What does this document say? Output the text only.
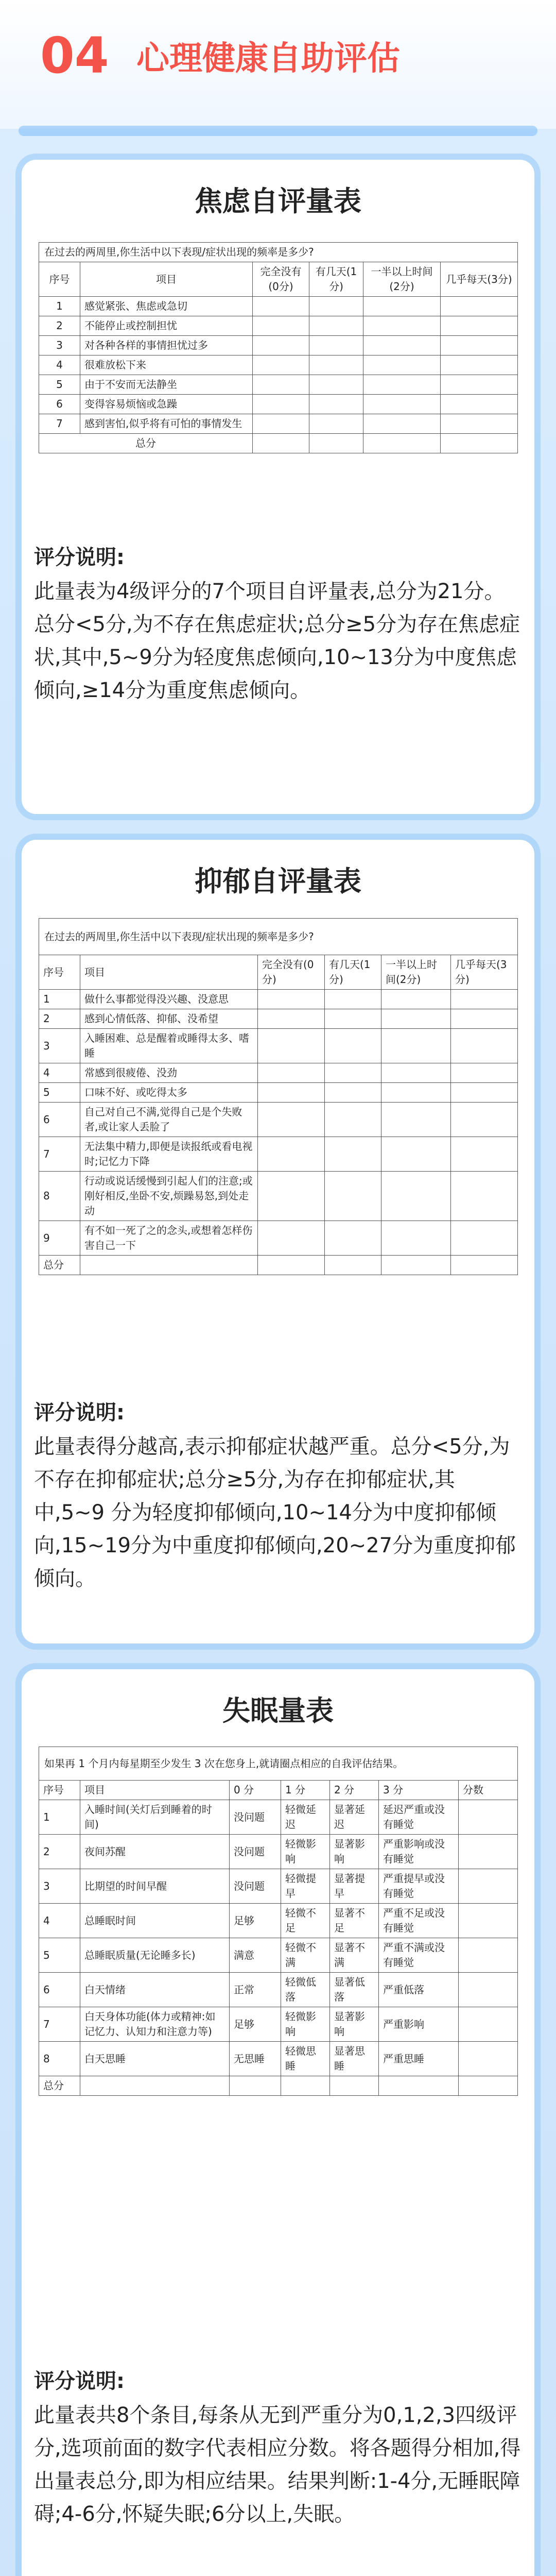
04 心理健康自助评估
焦虑自评量表
在过去的两周里,你生活中以下表现/症状出现的频率是多少?					
序号	项目	完全没有(0分)	有几天(1分)	一半以上时间(2分)	几乎每天(3分)
1	感觉紧张、焦虑或急切				
2	不能停止或控制担忧				
3	对各种各样的事情担忧过多				
4	很难放松下来				
5	由于不安而无法静坐				
6	变得容易烦恼或急躁				
7	感到害怕,似乎将有可怕的事情发生				
总分					
评分说明:
此量表为4级评分的7个项目自评量表,总分为21分。总分<5分,为不存在焦虑症状;总分≥5分为存在焦虑症状,其中,5~9分为轻度焦虑倾向,10~13分为中度焦虑倾向,≥14分为重度焦虑倾向。
抑郁自评量表
在过去的两周里,你生活中以下表现/症状出现的频率是多少?					
序号	项目	完全没有(0分)	有几天(1分)	一半以上时间(2分)	几乎每天(3分)
1	做什么事都觉得没兴趣、没意思				
2	感到心情低落、抑郁、没希望				
3	入睡困难、总是醒着或睡得太多、嗜睡				
4	常感到很疲倦、没劲				
5	口味不好、或吃得太多				
6	自己对自己不满,觉得自己是个失败者,或让家人丢脸了				
7	无法集中精力,即便是读报纸或看电视时;记忆力下降				
8	行动或说话缓慢到引起人们的注意;或刚好相反,坐卧不安,烦躁易怒,到处走动				
9	有不如一死了之的念头,或想着怎样伤害自己一下				
总分					
评分说明:
此量表得分越高,表示抑郁症状越严重。总分<5分,为不存在抑郁症状;总分≥5分,为存在抑郁症状,其中,5~9 分为轻度抑郁倾向,10~14分为中度抑郁倾向,15~19分为中重度抑郁倾向,20~27分为重度抑郁倾向。
失眠量表
如果再 1 个月内每星期至少发生 3 次在您身上,就请圈点相应的自我评估结果。						
序号	项目	0 分	1 分	2 分	3 分	分数
1	入睡时间(关灯后到睡着的时间)	没问题	轻微延迟	显著延迟	延迟严重或没有睡觉	
2	夜间苏醒	没问题	轻微影响	显著影响	严重影响或没有睡觉	
3	比期望的时间早醒	没问题	轻微提早	显著提早	严重提早或没有睡觉	
4	总睡眠时间	足够	轻微不足	显著不足	严重不足或没有睡觉	
5	总睡眠质量(无论睡多长)	满意	轻微不满	显著不满	严重不满或没有睡觉	
6	白天情绪	正常	轻微低落	显著低落	严重低落	
7	白天身体功能(体力或精神:如记忆力、认知力和注意力等)	足够	轻微影响	显著影响	严重影响	
8	白天思睡	无思睡	轻微思睡	显著思睡	严重思睡	
总分						
评分说明:
此量表共8个条目,每条从无到严重分为0,1,2,3四级评分,选项前面的数字代表相应分数。将各题得分相加,得出量表总分,即为相应结果。结果判断:1-4分,无睡眠障碍;4-6分,怀疑失眠;6分以上,失眠。
